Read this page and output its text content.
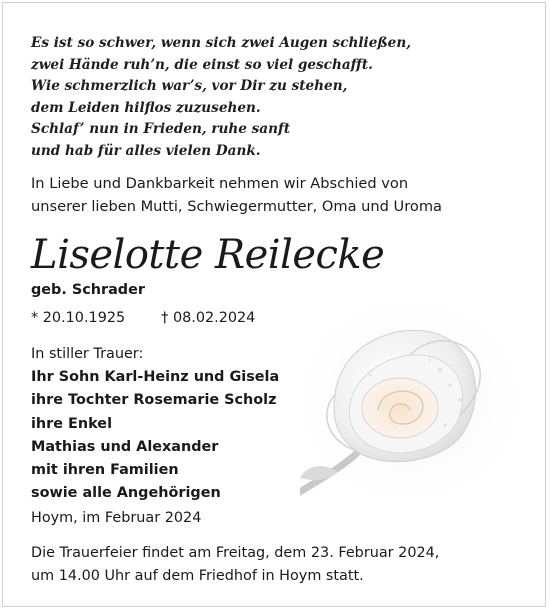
Es ist so schwer, wenn sich zwei Augen schließen,
zwei Hände ruh’n, die einst so viel geschafft.
Wie schmerzlich war’s, vor Dir zu stehen,
dem Leiden hilflos zuzusehen.
Schlaf’ nun in Frieden, ruhe sanft
und hab für alles vielen Dank.
In Liebe und Dankbarkeit nehmen wir Abschied von
unserer lieben Mutti, Schwiegermutter, Oma und Uroma
Liselotte Reilecke
geb. Schrader
* 20.10.1925	† 08.02.2024
In stiller Trauer:
Ihr Sohn Karl-Heinz und Gisela
ihre Tochter Rosemarie Scholz
ihre Enkel
Mathias und Alexander
mit ihren Familien
sowie alle Angehörigen
Hoym, im Februar 2024
Die Trauerfeier findet am Freitag, dem 23. Februar 2024,
um 14.00 Uhr auf dem Friedhof in Hoym statt.
